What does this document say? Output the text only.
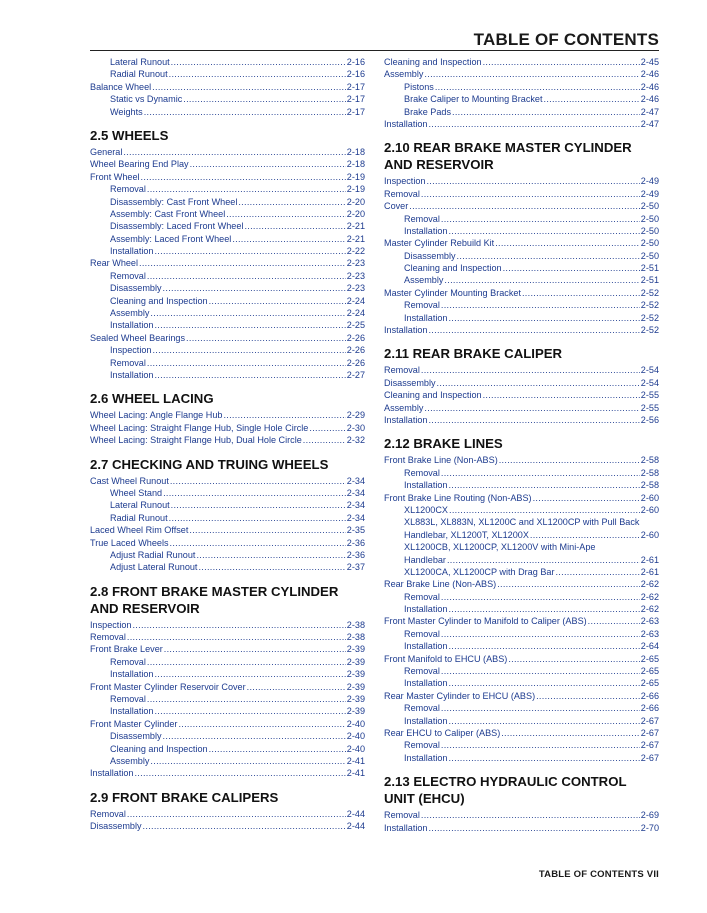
TABLE OF CONTENTS
Lateral Runout .....	2-16
Radial Runout .....	2-16
Balance Wheel .....	2-17
Static vs Dynamic .....	2-17
Weights .....	2-17
2.5 WHEELS
General .....	2-18
Wheel Bearing End Play .....	2-18
Front Wheel .....	2-19
Removal .....	2-19
Disassembly: Cast Front Wheel .....	2-20
Assembly: Cast Front Wheel .....	2-20
Disassembly: Laced Front Wheel .....	2-21
Assembly: Laced Front Wheel .....	2-21
Installation .....	2-22
Rear Wheel .....	2-23
Removal .....	2-23
Disassembly .....	2-23
Cleaning and Inspection .....	2-24
Assembly .....	2-24
Installation .....	2-25
Sealed Wheel Bearings .....	2-26
Inspection .....	2-26
Removal .....	2-26
Installation .....	2-27
2.6 WHEEL LACING
Wheel Lacing: Angle Flange Hub .....	2-29
Wheel Lacing: Straight Flange Hub, Single Hole Circle .....	2-30
Wheel Lacing: Straight Flange Hub, Dual Hole Circle .....	2-32
2.7 CHECKING AND TRUING WHEELS
Cast Wheel Runout .....	2-34
Wheel Stand .....	2-34
Lateral Runout .....	2-34
Radial Runout .....	2-34
Laced Wheel Rim Offset .....	2-35
True Laced Wheels .....	2-36
Adjust Radial Runout .....	2-36
Adjust Lateral Runout .....	2-37
2.8 FRONT BRAKE MASTER CYLINDER AND RESERVOIR
Inspection .....	2-38
Removal .....	2-38
Front Brake Lever .....	2-39
Removal .....	2-39
Installation .....	2-39
Front Master Cylinder Reservoir Cover .....	2-39
Removal .....	2-39
Installation .....	2-39
Front Master Cylinder .....	2-40
Disassembly .....	2-40
Cleaning and Inspection .....	2-40
Assembly .....	2-41
Installation .....	2-41
2.9 FRONT BRAKE CALIPERS
Removal .....	2-44
Disassembly .....	2-44
Cleaning and Inspection .....	2-45
Assembly .....	2-46
Pistons .....	2-46
Brake Caliper to Mounting Bracket .....	2-46
Brake Pads .....	2-47
Installation .....	2-47
2.10 REAR BRAKE MASTER CYLINDER AND RESERVOIR
Inspection .....	2-49
Removal .....	2-49
Cover .....	2-50
Removal .....	2-50
Installation .....	2-50
Master Cylinder Rebuild Kit .....	2-50
Disassembly .....	2-50
Cleaning and Inspection .....	2-51
Assembly .....	2-51
Master Cylinder Mounting Bracket .....	2-52
Removal .....	2-52
Installation .....	2-52
Installation .....	2-52
2.11 REAR BRAKE CALIPER
Removal .....	2-54
Disassembly .....	2-54
Cleaning and Inspection .....	2-55
Assembly .....	2-55
Installation .....	2-56
2.12 BRAKE LINES
Front Brake Line (Non-ABS) .....	2-58
Removal .....	2-58
Installation .....	2-58
Front Brake Line Routing (Non-ABS) .....	2-60
XL1200CX .....	2-60
XL883L, XL883N, XL1200C and XL1200CP with Pull Back
Handlebar, XL1200T, XL1200X .....	2-60
XL1200CB, XL1200CP, XL1200V with Mini-Ape
Handlebar .....	2-61
XL1200CA, XL1200CP with Drag Bar .....	2-61
Rear Brake Line (Non-ABS) .....	2-62
Removal .....	2-62
Installation .....	2-62
Front Master Cylinder to Manifold to Caliper (ABS) .....	2-63
Removal .....	2-63
Installation .....	2-64
Front Manifold to EHCU (ABS) .....	2-65
Removal .....	2-65
Installation .....	2-65
Rear Master Cylinder to EHCU (ABS) .....	2-66
Removal .....	2-66
Installation .....	2-67
Rear EHCU to Caliper (ABS) .....	2-67
Removal .....	2-67
Installation .....	2-67
2.13 ELECTRO HYDRAULIC CONTROL UNIT (EHCU)
Removal .....	2-69
Installation .....	2-70
TABLE OF CONTENTS VII
